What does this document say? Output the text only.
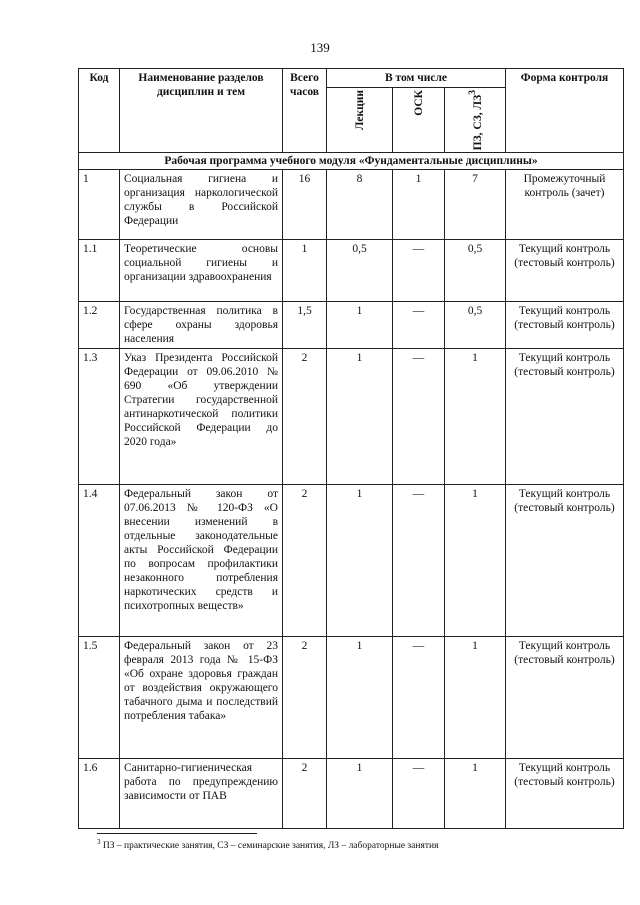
139
Код	Наименование разделов дисциплин и тем	Всего часов	В том числе			Форма контроля

			Лекции	ОСК	ПЗ, СЗ, $ЛЗ^3$

Рабочая программа учебного модуля «Фундаментальные дисциплины»						
1	Социальная гигиена и организация наркологической службы в Российской Федерации	16	8	1	7	Промежуточный контроль (зачет)
1.1	Теоретические основы социальной гигиены и организации здравоохранения	1	0,5	—	0,5	Текущий контроль (тестовый контроль)
1.2	Государственная политика в сфере охраны здоровья населения	1,5	1	—	0,5	Текущий контроль (тестовый контроль)
1.3	Указ Президента Российской Федерации от 09.06.2010 № 690 «Об утверждении Стратегии государственной антинаркотической политики Российской Федерации до 2020 года»	2	1	—	1	Текущий контроль (тестовый контроль)
1.4	Федеральный закон от 07.06.2013 № 120-ФЗ «О внесении изменений в отдельные законодательные акты Российской Федерации по вопросам профилактики незаконного потребления наркотических средств и психотропных веществ»	2	1	—	1	Текущий контроль (тестовый контроль)
1.5	Федеральный закон от 23 февраля 2013 года № 15-ФЗ «Об охране здоровья граждан от воздействия окружающего табачного дыма и последствий потребления табака»	2	1	—	1	Текущий контроль (тестовый контроль)
1.6	Санитарно-гигиеническая работа по предупреждению зависимости от ПАВ	2	1	—	1	Текущий контроль (тестовый контроль)
$^3$ ПЗ – практические занятия, СЗ – семинарские занятия, ЛЗ – лабораторные занятия
